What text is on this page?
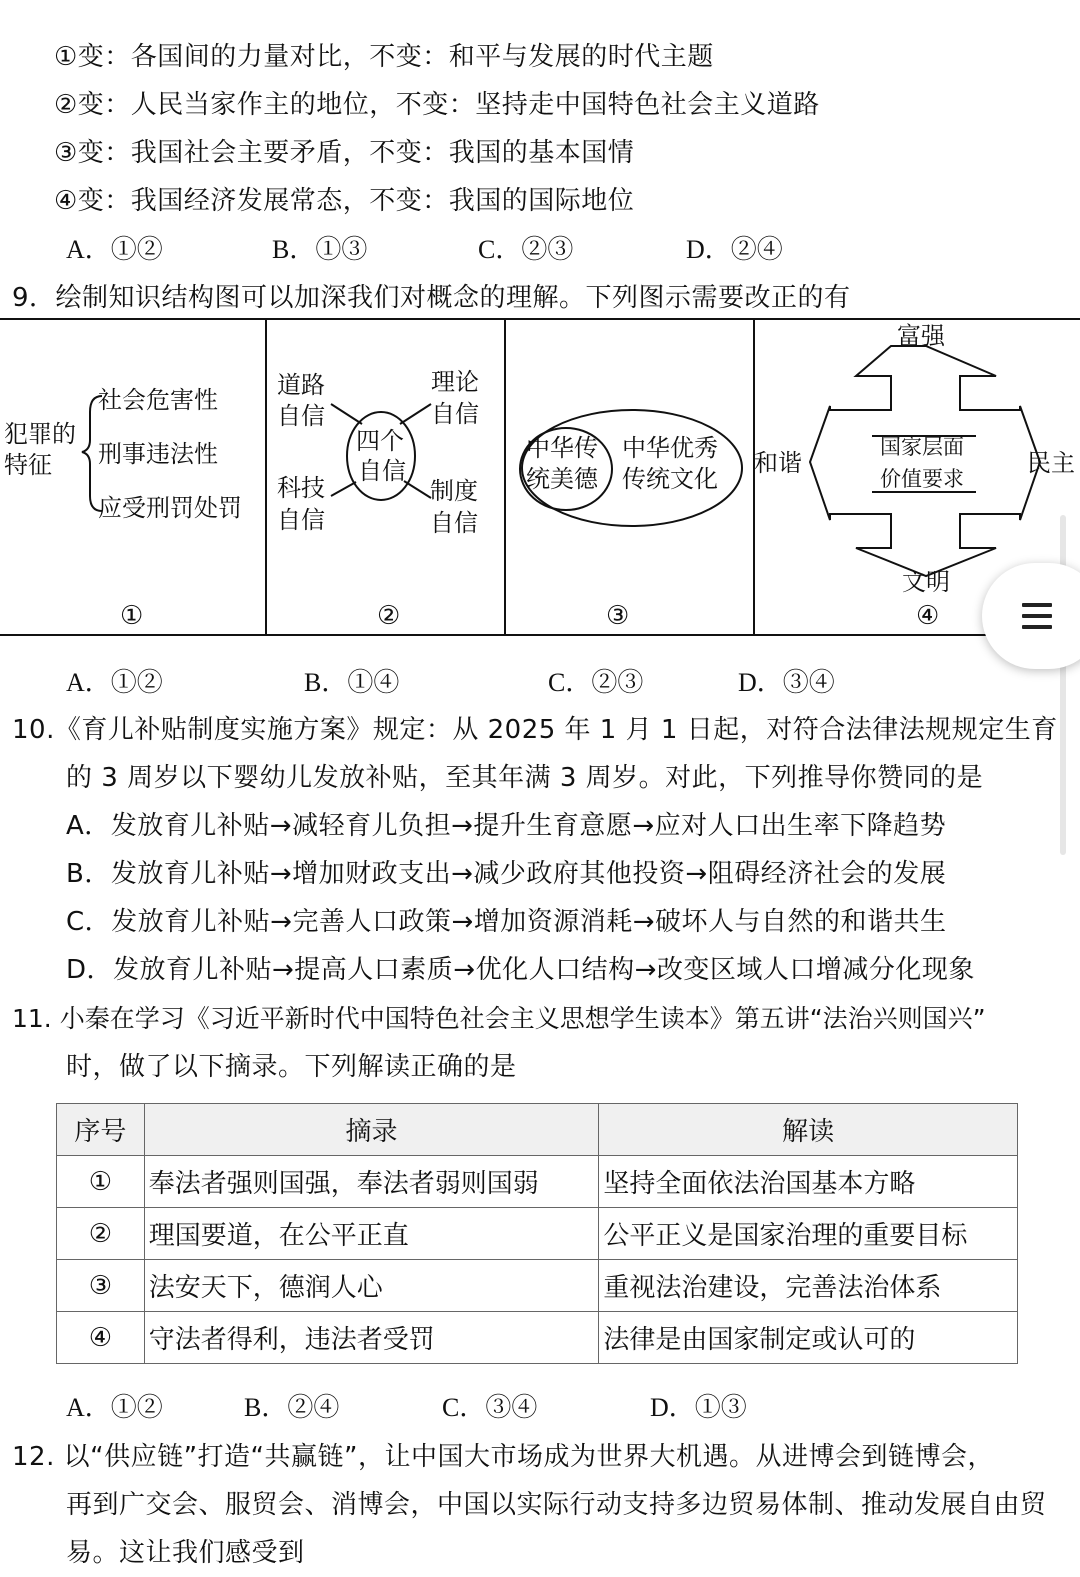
①变：各国间的力量对比，不变：和平与发展的时代主题
②变：人民当家作主的地位，不变：坚持走中国特色社会主义道路
③变：我国社会主要矛盾，不变：我国的基本国情
④变：我国经济发展常态，不变：我国的国际地位
A．①②	B．①③	C．②③	D．②④
9．绘制知识结构图可以加深我们对概念的理解。下列图示需要改正的有
犯罪的
特征
社会危害性
刑事违法性
应受刑罚处罚
①
四个
自信
道路
自信
理论
自信
科技
自信
制度
自信
②
中华传
统美德
中华优秀
传统文化
③
富强
文明
和谐	民主
国家层面
价值要求
④
A．①②	B．①④	C．②③	D．③④
10.《育儿补贴制度实施方案》规定：从 2025 年 1 月 1 日起，对符合法律法规规定生育
的 3 周岁以下婴幼儿发放补贴，至其年满 3 周岁。对此，下列推导你赞同的是
A．发放育儿补贴→减轻育儿负担→提升生育意愿→应对人口出生率下降趋势
B．发放育儿补贴→增加财政支出→减少政府其他投资→阻碍经济社会的发展
C．发放育儿补贴→完善人口政策→增加资源消耗→破坏人与自然的和谐共生
D．发放育儿补贴→提高人口素质→优化人口结构→改变区域人口增减分化现象
11. 小秦在学习《习近平新时代中国特色社会主义思想学生读本》第五讲“法治兴则国兴”
时，做了以下摘录。下列解读正确的是
序号	摘录	解读
①	奉法者强则国强，奉法者弱则国弱	坚持全面依法治国基本方略
②	理国要道，在公平正直	公平正义是国家治理的重要目标
③	法安天下，德润人心	重视法治建设，完善法治体系
④	守法者得利，违法者受罚	法律是由国家制定或认可的
A．①②	B．②④	C．③④	D．①③
12. 以“供应链”打造“共赢链”，让中国大市场成为世界大机遇。从进博会到链博会，
再到广交会、服贸会、消博会，中国以实际行动支持多边贸易体制、推动发展自由贸
易。这让我们感受到
